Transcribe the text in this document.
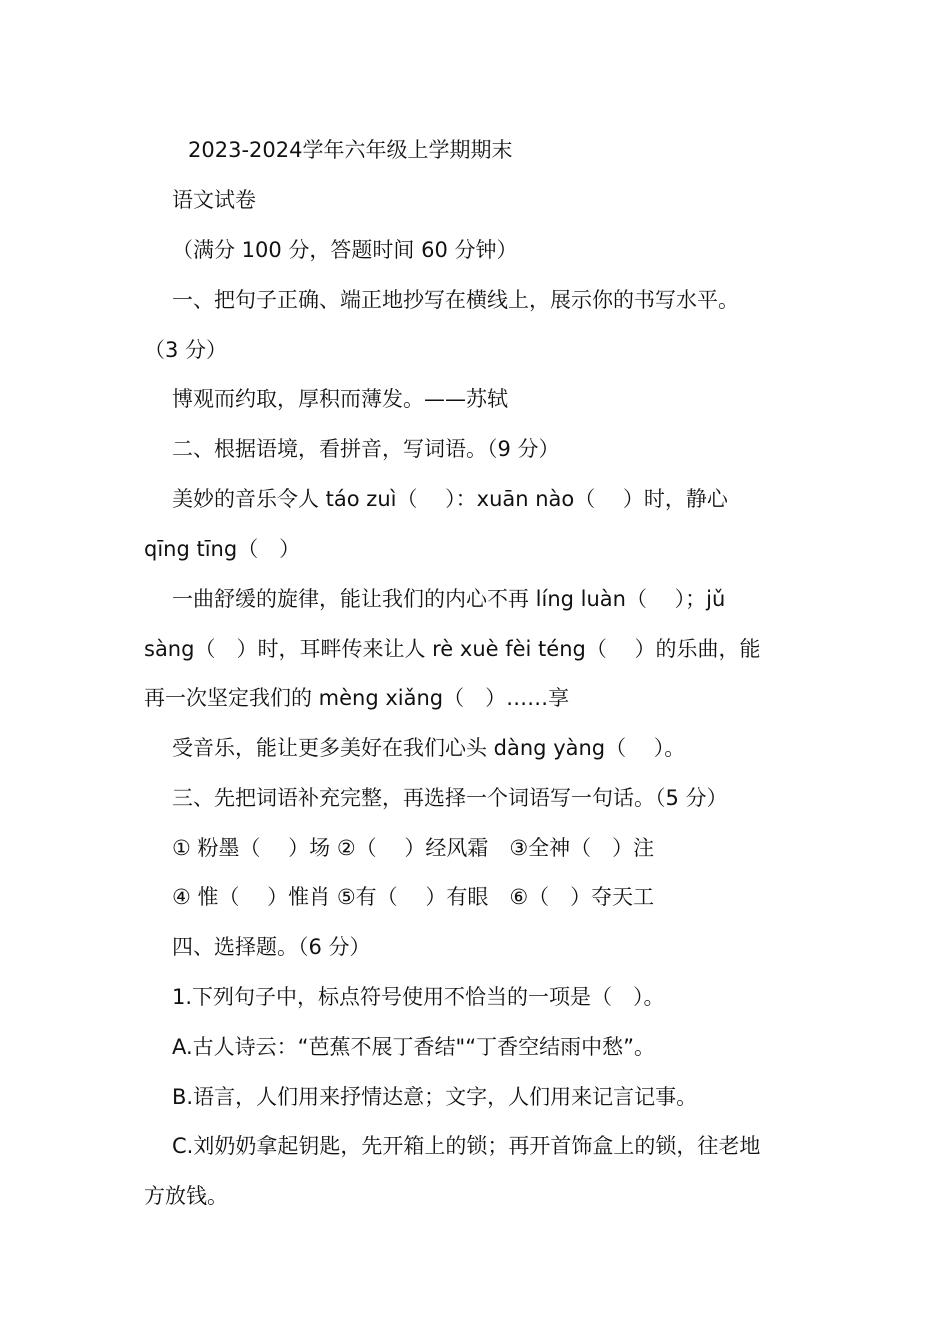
2023-2024学年六年级上学期期末
语文试卷
（满分 100 分，答题时间 60 分钟）
一、把句子正确、端正地抄写在横线上，展示你的书写水平。
（3 分）
博观而约取，厚积而薄发。——苏轼
二、根据语境，看拼音，写词语。（9 分）
美妙的音乐令人 táo zuì（　 ）：xuān nào（　 ）时，静心
qīng tīng（　）
一曲舒缓的旋律，能让我们的内心不再 líng luàn（　 ）；jǔ
sàng（　）时，耳畔传来让人 rè xuè fèi téng（　 ）的乐曲，能
再一次坚定我们的 mèng xiǎng（　）……享
受音乐，能让更多美好在我们心头 dàng yàng（　 ）。
三、先把词语补充完整，再选择一个词语写一句话。（5 分）
① 粉墨（　 ）场 ②（　 ）经风霜　③全神（　）注
④ 惟（　 ）惟肖 ⑤有（　 ）有眼　⑥（　）夺天工
四、选择题。（6 分）
1.下列句子中，标点符号使用不恰当的一项是（　）。
A.古人诗云：“芭蕉不展丁香结"“丁香空结雨中愁”。
B.语言，人们用来抒情达意；文字，人们用来记言记事。
C.刘奶奶拿起钥匙，先开箱上的锁；再开首饰盒上的锁，往老地
方放钱。
